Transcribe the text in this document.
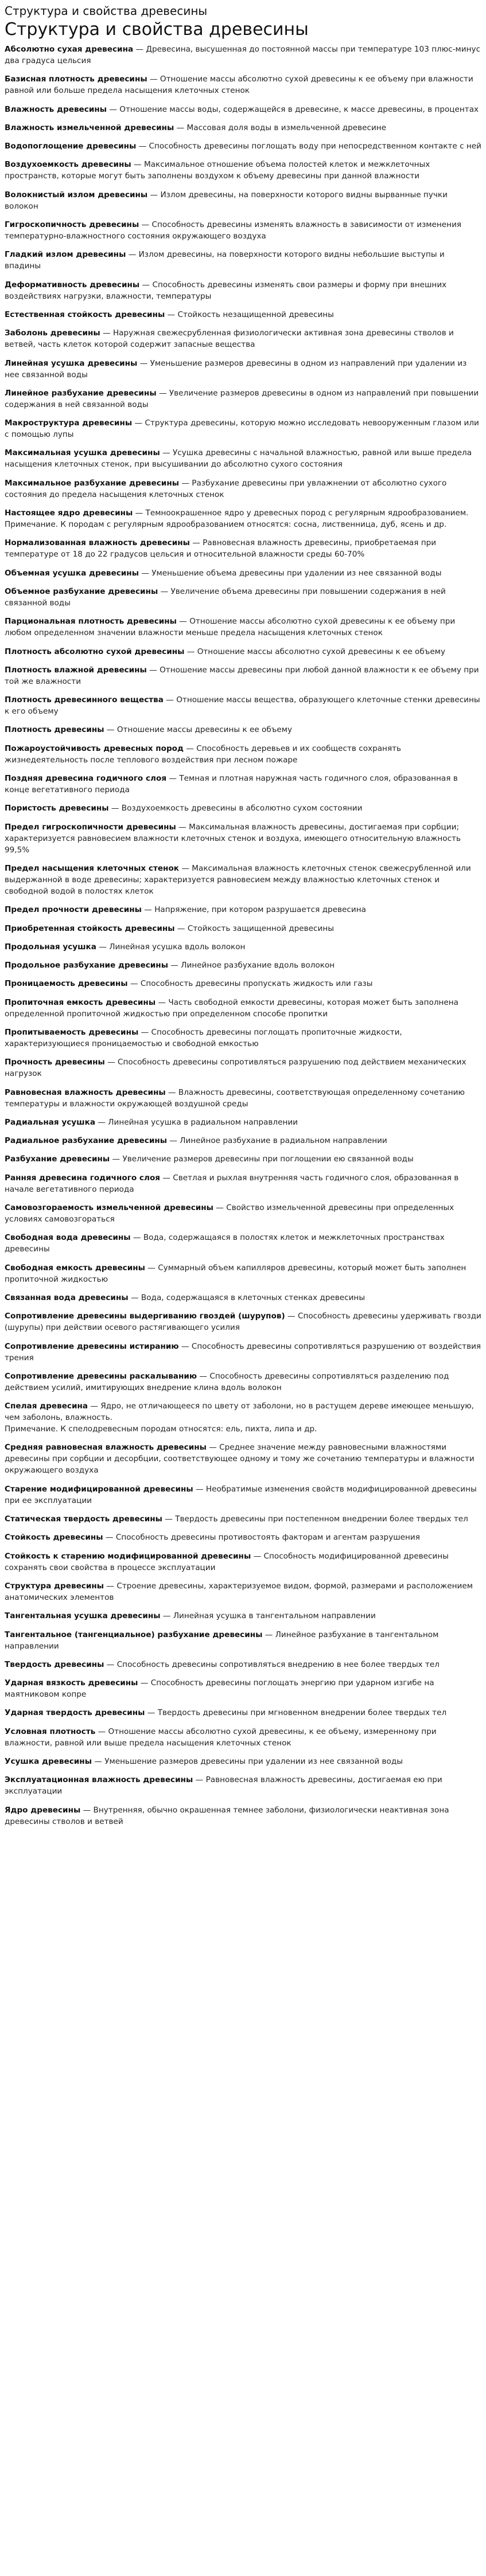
Структура и свойства древесины
Структура и свойства древесины

Абсолютно сухая древесина — Древесина, высушенная до постоянной массы при температуре 103 плюс-минус два градуса цельсия

Базисная плотность древесины — Отношение массы абсолютно сухой древесины к ее объему при влажности равной или больше предела насыщения клеточных стенок

Влажность древесины — Отношение массы воды, содержащейся в древесине, к массе древесины, в процентах

Влажность измельченной древесины — Массовая доля воды в измельченной древесине

Водопоглощение древесины — Способность древесины поглощать воду при непосредственном контакте с ней

Воздухоемкость древесины — Максимальное отношение объема полостей клеток и межклеточных пространств, которые могут быть заполнены воздухом к объему древесины при данной влажности

Волокнистый излом древесины — Излом древесины, на поверхности которого видны вырванные пучки волокон

Гигроскопичность древесины — Способность древесины изменять влажность в зависимости от изменения температурно-влажностного состояния окружающего воздуха

Гладкий излом древесины — Излом древесины, на поверхности которого видны небольшие выступы и впадины

Деформативность древесины — Способность древесины изменять свои размеры и форму при внешних воздействиях нагрузки, влажности, температуры

Естественная стойкость древесины — Стойкость незащищенной древесины

Заболонь древесины — Наружная свежесрубленная физиологически активная зона древесины стволов и ветвей, часть клеток которой содержит запасные вещества

Линейная усушка древесины — Уменьшение размеров древесины в одном из направлений при удалении из нее связанной воды

Линейное разбухание древесины — Увеличение размеров древесины в одном из направлений при повышении содержания в ней связанной воды

Макроструктура древесины — Структура древесины, которую можно исследовать невооруженным глазом или с помощью лупы

Максимальная усушка древесины — Усушка древесины с начальной влажностью, равной или выше предела насыщения клеточных стенок, при высушивании до абсолютно сухого состояния

Максимальное разбухание древесины — Разбухание древесины при увлажнении от абсолютно сухого состояния до предела насыщения клеточных стенок

Настоящее ядро древесины — Темноокрашенное ядро у древесных пород с регулярным ядрообразованием.
Примечание. К породам с регулярным ядрообразованием относятся: сосна, лиственница, дуб, ясень и др.

Нормализованная влажность древесины — Равновесная влажность древесины, приобретаемая при температуре от 18 до 22 градусов цельсия и относительной влажности среды 60-70%

Объемная усушка древесины — Уменьшение объема древесины при удалении из нее связанной воды

Объемное разбухание древесины — Увеличение объема древесины при повышении содержания в ней связанной воды

Парциональная плотность древесины — Отношение массы абсолютно сухой древесины к ее объему при любом определенном значении влажности меньше предела насыщения клеточных стенок

Плотность абсолютно сухой древесины — Отношение массы абсолютно сухой древесины к ее объему

Плотность влажной древесины — Отношение массы древесины при любой данной влажности к ее объему при той же влажности

Плотность древесинного вещества — Отношение массы вещества, образующего клеточные стенки древесины к его объему

Плотность древесины — Отношение массы древесины к ее объему

Пожароустойчивость древесных пород — Способность деревьев и их сообществ сохранять жизнедеятельность после теплового воздействия при лесном пожаре

Поздняя древесина годичного слоя — Темная и плотная наружная часть годичного слоя, образованная в конце вегетативного периода

Пористость древесины — Воздухоемкость древесины в абсолютно сухом состоянии

Предел гигроскопичности древесины — Максимальная влажность древесины, достигаемая при сорбции; характеризуется равновесием влажности клеточных стенок и воздуха, имеющего относительную влажность 99,5%

Предел насыщения клеточных стенок — Максимальная влажность клеточных стенок свежесрубленной или выдержанной в воде древесины; характеризуется равновесием между влажностью клеточных стенок и свободной водой в полостях клеток

Предел прочности древесины — Напряжение, при котором разрушается древесина

Приобретенная стойкость древесины — Стойкость защищенной древесины

Продольная усушка — Линейная усушка вдоль волокон

Продольное разбухание древесины — Линейное разбухание вдоль волокон

Проницаемость древесины — Способность древесины пропускать жидкость или газы

Пропиточная емкость древесины — Часть свободной емкости древесины, которая может быть заполнена определенной пропиточной жидкостью при определенном способе пропитки

Пропитываемость древесины — Способность древесины поглощать пропиточные жидкости, характеризующиеся проницаемостью и свободной емкостью

Прочность древесины — Способность древесины сопротивляться разрушению под действием механических нагрузок

Равновесная влажность древесины — Влажность древесины, соответствующая определенному сочетанию температуры и влажности окружающей воздушной среды

Радиальная усушка — Линейная усушка в радиальном направлении

Радиальное разбухание древесины — Линейное разбухание в радиальном направлении

Разбухание древесины — Увеличение размеров древесины при поглощении ею связанной воды

Ранняя древесина годичного слоя — Светлая и рыхлая внутренняя часть годичного слоя, образованная в начале вегетативного периода

Самовозгораемость измельченной древесины — Свойство измельченной древесины при определенных условиях самовозгораться

Свободная вода древесины — Вода, содержащаяся в полостях клеток и межклеточных пространствах древесины

Свободная емкость древесины — Суммарный объем капилляров древесины, который может быть заполнен пропиточной жидкостью

Связанная вода древесины — Вода, содержащаяся в клеточных стенках древесины

Сопротивление древесины выдергиванию гвоздей (шурупов) — Способность древесины удерживать гвозди (шурупы) при действии осевого растягивающего усилия

Сопротивление древесины истиранию — Способность древесины сопротивляться разрушению от воздействия трения

Сопротивление древесины раскалыванию — Способность древесины сопротивляться разделению под действием усилий, имитирующих внедрение клина вдоль волокон

Спелая древесина — Ядро, не отличающееся по цвету от заболони, но в растущем дереве имеющее меньшую, чем заболонь, влажность.
Примечание. К спелодревесным породам относятся: ель, пихта, липа и др.

Средняя равновесная влажность древесины — Среднее значение между равновесными влажностями древесины при сорбции и десорбции, соответствующее одному и тому же сочетанию температуры и влажности окружающего воздуха

Старение модифицированной древесины — Необратимые изменения свойств модифицированной древесины при ее эксплуатации

Статическая твердость древесины — Твердость древесины при постепенном внедрении более твердых тел

Стойкость древесины — Способность древесины противостоять факторам и агентам разрушения

Стойкость к старению модифицированной древесины — Способность модифицированной древесины сохранять свои свойства в процессе эксплуатации

Структура древесины — Строение древесины, характеризуемое видом, формой, размерами и расположением анатомических элементов

Тангентальная усушка древесины — Линейная усушка в тангентальном направлении

Тангентальное (тангенциальное) разбухание древесины — Линейное разбухание в тангентальном направлении

Твердость древесины — Способность древесины сопротивляться внедрению в нее более твердых тел

Ударная вязкость древесины — Способность древесины поглощать энергию при ударном изгибе на маятниковом копре

Ударная твердость древесины — Твердость древесины при мгновенном внедрении более твердых тел

Условная плотность — Отношение массы абсолютно сухой древесины, к ее объему, измеренному при влажности, равной или выше предела насыщения клеточных стенок

Усушка древесины — Уменьшение размеров древесины при удалении из нее связанной воды

Эксплуатационная влажность древесины — Равновесная влажность древесины, достигаемая ею при эксплуатации

Ядро древесины — Внутренняя, обычно окрашенная темнее заболони, физиологически неактивная зона древесины стволов и ветвей
